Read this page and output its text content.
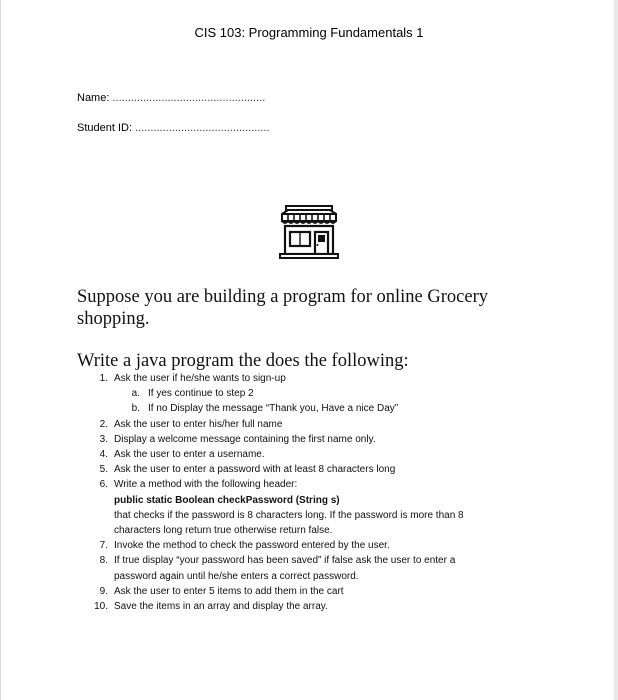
CIS 103: Programming Fundamentals 1
Name: ..................................................
Student ID: ............................................
Suppose you are building a program for online Grocery
shopping.
Write a java program the does the following:
1. Ask the user if he/she wants to sign-up
a. If yes continue to step 2
b. If no Display the message “Thank you, Have a nice Day”
2. Ask the user to enter his/her full name
3. Display a welcome message containing the first name only.
4. Ask the user to enter a username.
5. Ask the user to enter a password with at least 8 characters long
6. Write a method with the following header:
public static Boolean checkPassword (String s)
that checks if the password is 8 characters long. If the password is more than 8
characters long return true otherwise return false.
7. Invoke the method to check the password entered by the user.
8. If true display “your password has been saved” if false ask the user to enter a
password again until he/she enters a correct password.
9. Ask the user to enter 5 items to add them in the cart
10. Save the items in an array and display the array.
